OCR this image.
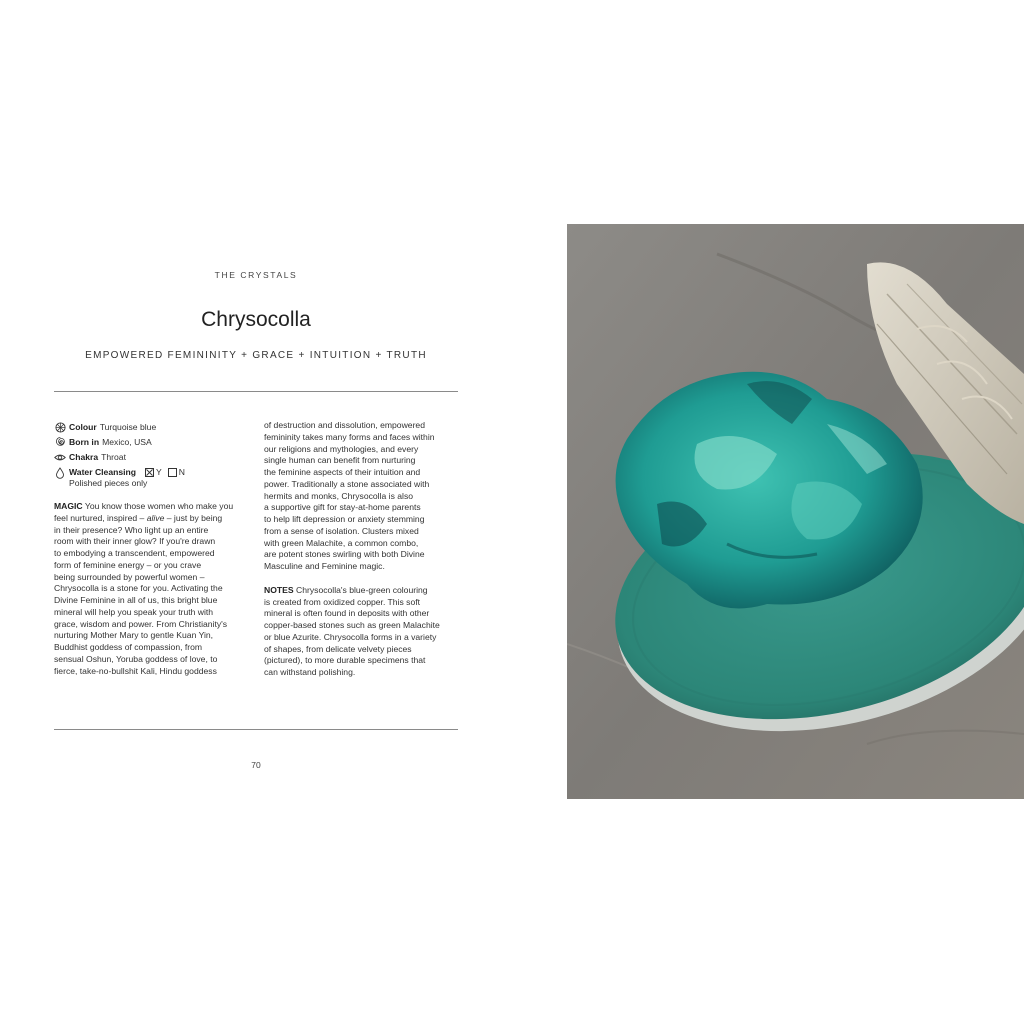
THE CRYSTALS
Chrysocolla
EMPOWERED FEMININITY + GRACE + INTUITION + TRUTH
Colour Turquoise blue
Born in Mexico, USA
Chakra Throat
Water Cleansing Y N
Polished pieces only

MAGIC You know those women who make you
feel nurtured, inspired – alive – just by being
in their presence? Who light up an entire
room with their inner glow? If you're drawn
to embodying a transcendent, empowered
form of feminine energy – or you crave
being surrounded by powerful women –
Chrysocolla is a stone for you. Activating the
Divine Feminine in all of us, this bright blue
mineral will help you speak your truth with
grace, wisdom and power. From Christianity's
nurturing Mother Mary to gentle Kuan Yin,
Buddhist goddess of compassion, from
sensual Oshun, Yoruba goddess of love, to
fierce, take-no-bullshit Kali, Hindu goddess

of destruction and dissolution, empowered
femininity takes many forms and faces within
our religions and mythologies, and every
single human can benefit from nurturing
the feminine aspects of their intuition and
power. Traditionally a stone associated with
hermits and monks, Chrysocolla is also
a supportive gift for stay-at-home parents
to help lift depression or anxiety stemming
from a sense of isolation. Clusters mixed
with green Malachite, a common combo,
are potent stones swirling with both Divine
Masculine and Feminine magic.

NOTES Chrysocolla's blue-green colouring
is created from oxidized copper. This soft
mineral is often found in deposits with other
copper-based stones such as green Malachite
or blue Azurite. Chrysocolla forms in a variety
of shapes, from delicate velvety pieces
(pictured), to more durable specimens that
can withstand polishing.

70
